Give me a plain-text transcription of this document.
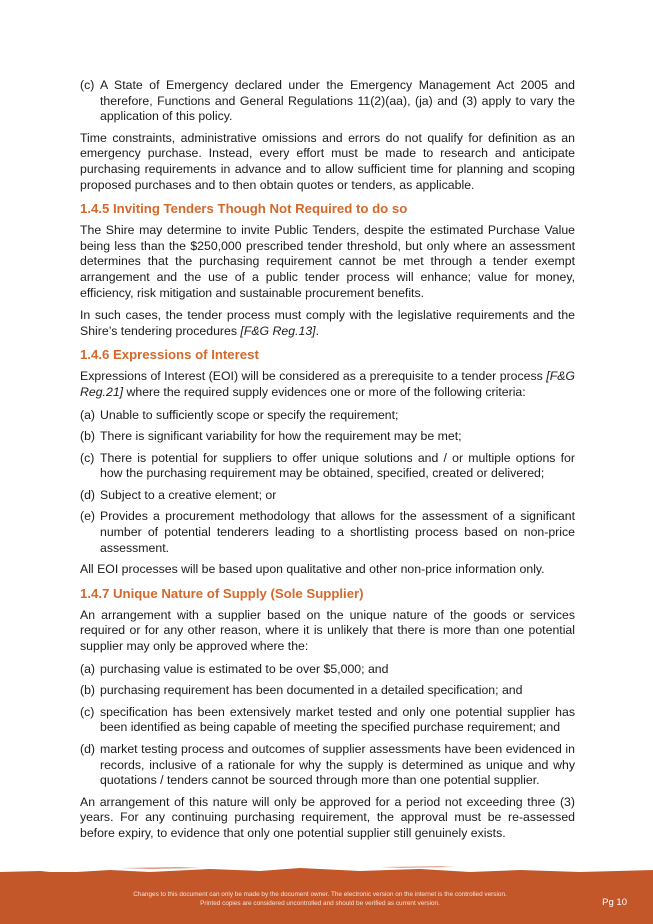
(c) A State of Emergency declared under the Emergency Management Act 2005 and therefore, Functions and General Regulations 11(2)(aa), (ja) and (3) apply to vary the application of this policy.

Time constraints, administrative omissions and errors do not qualify for definition as an emergency purchase. Instead, every effort must be made to research and anticipate purchasing requirements in advance and to allow sufficient time for planning and scoping proposed purchases and to then obtain quotes or tenders, as applicable.

1.4.5 Inviting Tenders Though Not Required to do so

The Shire may determine to invite Public Tenders, despite the estimated Purchase Value being less than the $250,000 prescribed tender threshold, but only where an assessment determines that the purchasing requirement cannot be met through a tender exempt arrangement and the use of a public tender process will enhance; value for money, efficiency, risk mitigation and sustainable procurement benefits.

In such cases, the tender process must comply with the legislative requirements and the Shire’s tendering procedures [F&G Reg.13].

1.4.6 Expressions of Interest

Expressions of Interest (EOI) will be considered as a prerequisite to a tender process [F&G Reg.21] where the required supply evidences one or more of the following criteria:

(a) Unable to sufficiently scope or specify the requirement;
(b) There is significant variability for how the requirement may be met;
(c) There is potential for suppliers to offer unique solutions and / or multiple options for how the purchasing requirement may be obtained, specified, created or delivered;
(d) Subject to a creative element; or
(e) Provides a procurement methodology that allows for the assessment of a significant number of potential tenderers leading to a shortlisting process based on non-price assessment.

All EOI processes will be based upon qualitative and other non-price information only.

1.4.7 Unique Nature of Supply (Sole Supplier)

An arrangement with a supplier based on the unique nature of the goods or services required or for any other reason, where it is unlikely that there is more than one potential supplier may only be approved where the:

(a) purchasing value is estimated to be over $5,000; and
(b) purchasing requirement has been documented in a detailed specification; and
(c) specification has been extensively market tested and only one potential supplier has been identified as being capable of meeting the specified purchase requirement; and
(d) market testing process and outcomes of supplier assessments have been evidenced in records, inclusive of a rationale for why the supply is determined as unique and why quotations / tenders cannot be sourced through more than one potential supplier.

An arrangement of this nature will only be approved for a period not exceeding three (3) years. For any continuing purchasing requirement, the approval must be re-assessed before expiry, to evidence that only one potential supplier still genuinely exists.

Changes to this document can only be made by the document owner. The electronic version on the internet is the controlled version.
Printed copies are considered uncontrolled and should be verified as current version.	Pg 10
